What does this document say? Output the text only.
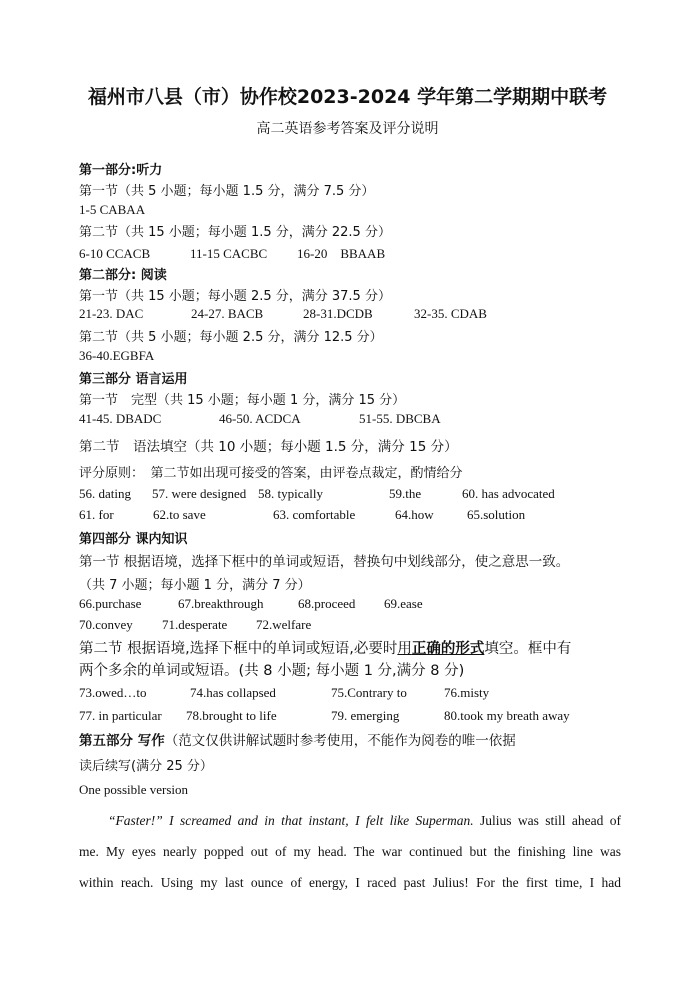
福州市八县（市）协作校2023-2024 学年第二学期期中联考
高二英语参考答案及评分说明
第一部分:听力
第一节（共 5 小题；每小题 1.5 分，满分 7.5 分）
1-5 CABAA
第二节（共 15 小题；每小题 1.5 分，满分 22.5 分）
6-10 CCACB	11-15 CACBC 16-20　BBAAB
第二部分: 阅读
第一节（共 15 小题；每小题 2.5 分，满分 37.5 分）
21-23. DAC	24-27. BACB	28-31.DCDB	32-35. CDAB
第二节（共 5 小题；每小题 2.5 分，满分 12.5 分）
36-40.EGBFA
第三部分 语言运用
第一节　完型（共 15 小题；每小题 1 分，满分 15 分）
41-45. DBADC	46-50. ACDCA	51-55. DBCBA
第二节　语法填空（共 10 小题；每小题 1.5 分，满分 15 分）
评分原则：　第二节如出现可接受的答案，由评卷点裁定，酌情给分
56. dating 57. were designed 58. typically	59.the	60. has advocated
61. for	62.to save	63. comfortable	64.how	65.solution
第四部分 课内知识
第一节 根据语境，选择下框中的单词或短语，替换句中划线部分，使之意思一致。
（共 7 小题；每小题 1 分，满分 7 分）
66.purchase	67.breakthrough	68.proceed 69.ease
70.convey 71.desperate 72.welfare
第二节 根据语境,选择下框中的单词或短语,必要时用正确的形式填空。框中有
两个多余的单词或短语。(共 8 小题; 每小题 1 分,满分 8 分)
73.owed…to	74.has collapsed	75.Contrary to	76.misty
77. in particular 78.brought to life	79. emerging	80.took my breath away
第五部分 写作（范文仅供讲解试题时参考使用，不能作为阅卷的唯一依据
读后续写(满分 25 分）
One possible version
“Faster!” I screamed and in that instant, I felt like Superman. Julius was still ahead of
me. My eyes nearly popped out of my head. The war continued but the finishing line was
within reach. Using my last ounce of energy, I raced past Julius! For the first time, I had
